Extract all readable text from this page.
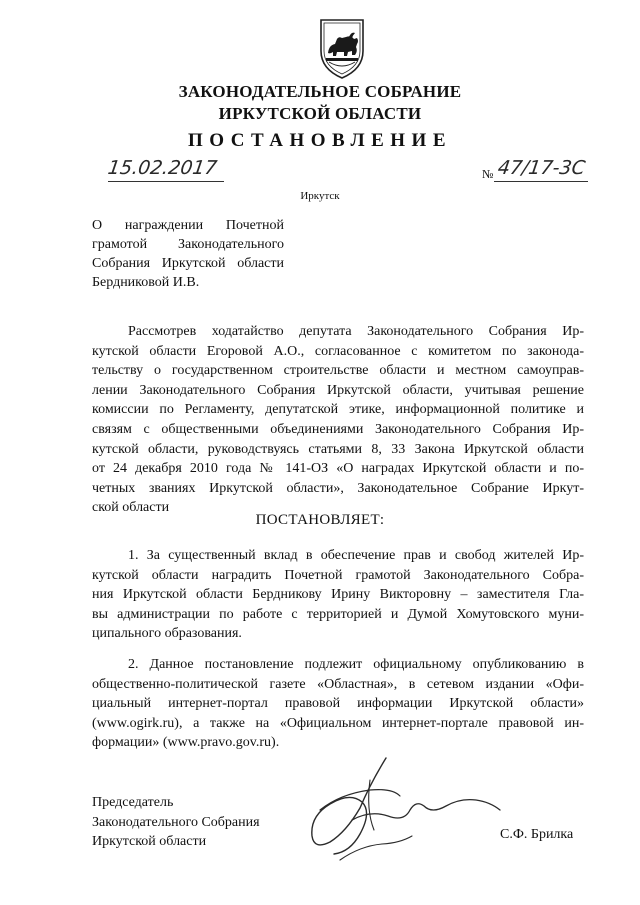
ЗАКОНОДАТЕЛЬНОЕ СОБРАНИЕ
ИРКУТСКОЙ ОБЛАСТИ
ПОСТАНОВЛЕНИЕ
15.02.2017	№ 47/17-3С
Иркутск
О награждении Почетной
грамотой Законодательного
Собрания Иркутской области
Бердниковой И.В.
Рассмотрев ходатайство депутата Законодательного Собрания Ир-
кутской области Егоровой А.О., согласованное с комитетом по законода-
тельству о государственном строительстве области и местном самоуправ-
лении Законодательного Собрания Иркутской области, учитывая решение
комиссии по Регламенту, депутатской этике, информационной политике и
связям с общественными объединениями Законодательного Собрания Ир-
кутской области, руководствуясь статьями 8, 33 Закона Иркутской области
от 24 декабря 2010 года № 141-ОЗ «О наградах Иркутской области и по-
четных званиях Иркутской области», Законодательное Собрание Иркут-
ской области
ПОСТАНОВЛЯЕТ:
1. За существенный вклад в обеспечение прав и свобод жителей Ир-
кутской области наградить Почетной грамотой Законодательного Собра-
ния Иркутской области Бердникову Ирину Викторовну – заместителя Гла-
вы администрации по работе с территорией и Думой Хомутовского муни-
ципального образования.
2. Данное постановление подлежит официальному опубликованию в
общественно-политической газете «Областная», в сетевом издании «Офи-
циальный интернет-портал правовой информации Иркутской области»
(www.ogirk.ru), а также на «Официальном интернет-портале правовой ин-
формации» (www.pravo.gov.ru).
Председатель
Законодательного Собрания
Иркутской области	С.Ф. Брилка
